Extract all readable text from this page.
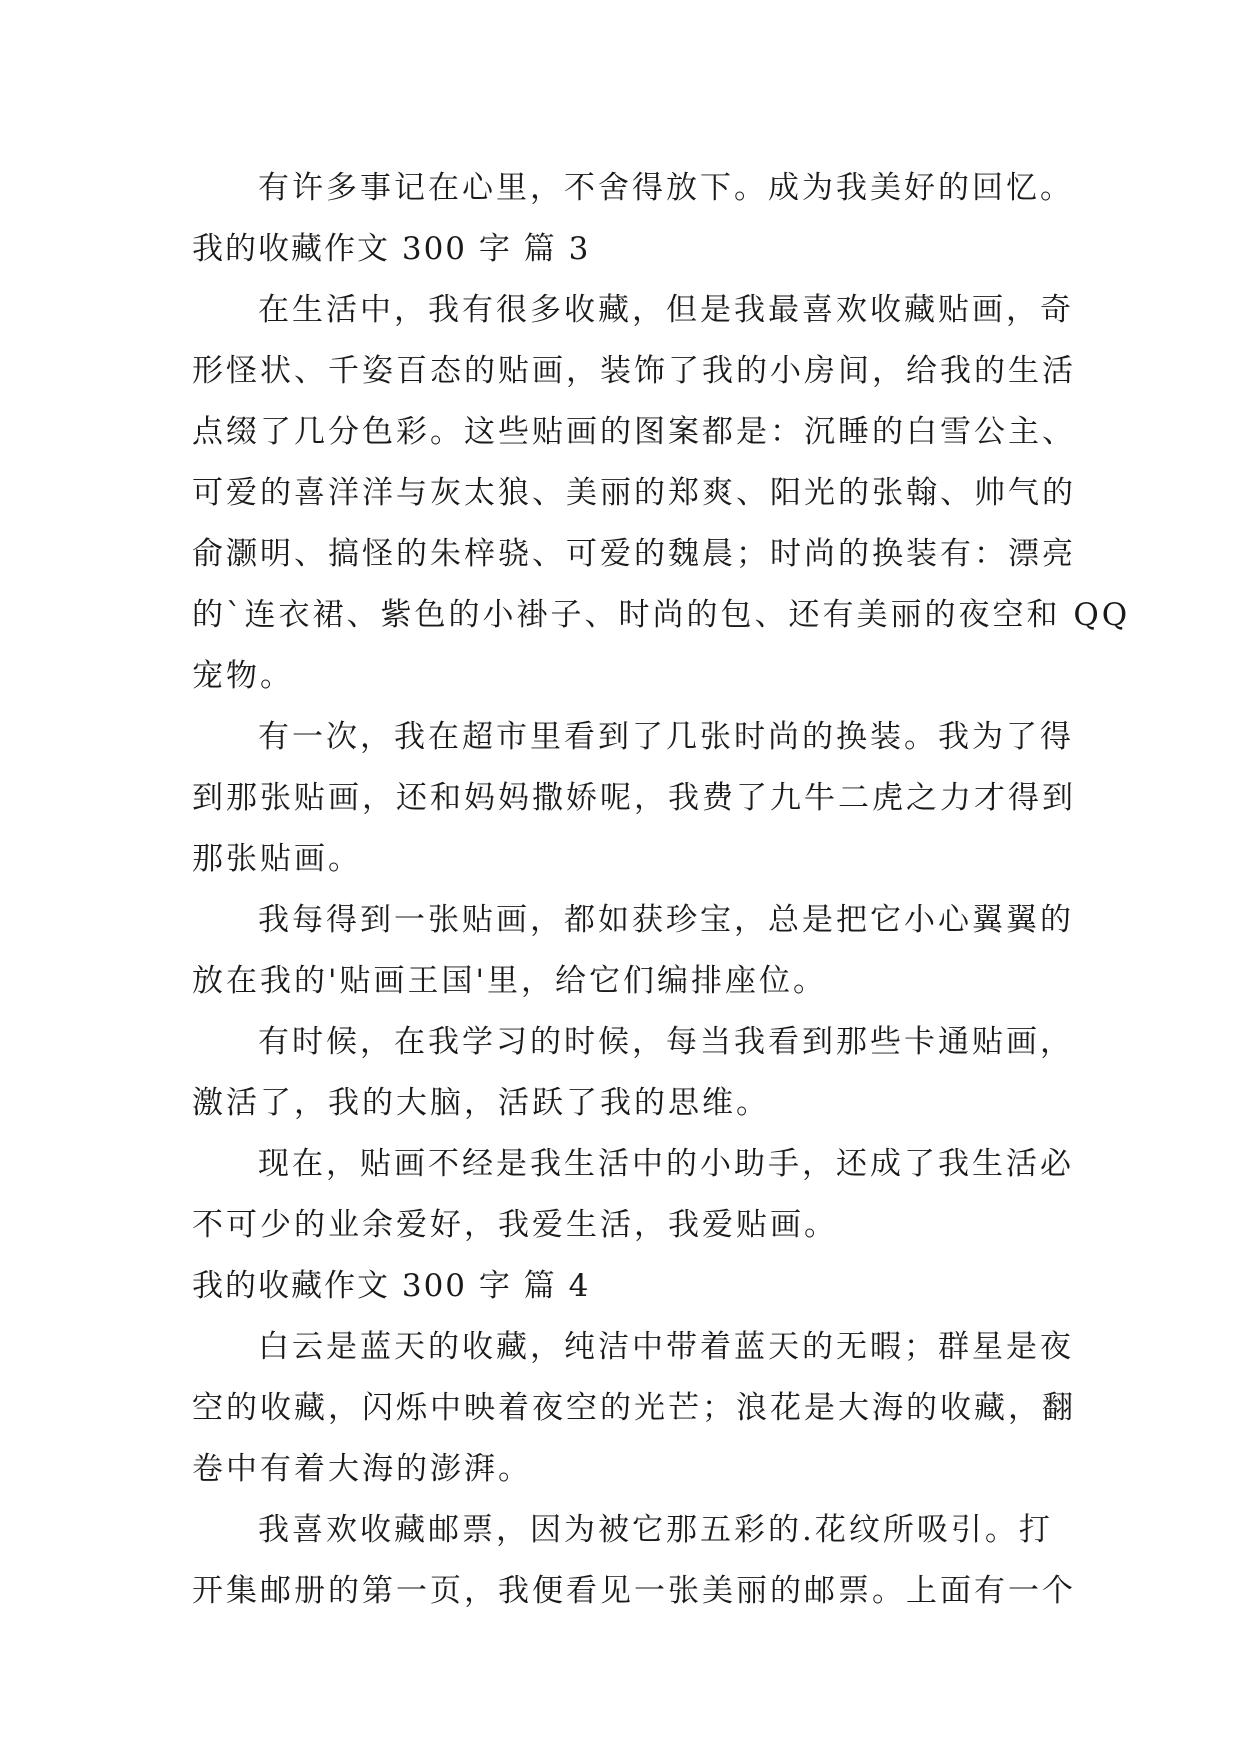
有许多事记在心里，不舍得放下。成为我美好的回忆。
我的收藏作文 300 字 篇 3
在生活中，我有很多收藏，但是我最喜欢收藏贴画，奇
形怪状、千姿百态的贴画，装饰了我的小房间，给我的生活
点缀了几分色彩。这些贴画的图案都是：沉睡的白雪公主、
可爱的喜洋洋与灰太狼、美丽的郑爽、阳光的张翰、帅气的
俞灏明、搞怪的朱梓骁、可爱的魏晨；时尚的换装有：漂亮
的`连衣裙、紫色的小褂子、时尚的包、还有美丽的夜空和 QQ
宠物。
有一次，我在超市里看到了几张时尚的换装。我为了得
到那张贴画，还和妈妈撒娇呢，我费了九牛二虎之力才得到
那张贴画。
我每得到一张贴画，都如获珍宝，总是把它小心翼翼的
放在我的'贴画王国'里，给它们编排座位。
有时候，在我学习的时候，每当我看到那些卡通贴画，
激活了，我的大脑，活跃了我的思维。
现在，贴画不经是我生活中的小助手，还成了我生活必
不可少的业余爱好，我爱生活，我爱贴画。
我的收藏作文 300 字 篇 4
白云是蓝天的收藏，纯洁中带着蓝天的无暇；群星是夜
空的收藏，闪烁中映着夜空的光芒；浪花是大海的收藏，翻
卷中有着大海的澎湃。
我喜欢收藏邮票，因为被它那五彩的.花纹所吸引。打
开集邮册的第一页，我便看见一张美丽的邮票。上面有一个
